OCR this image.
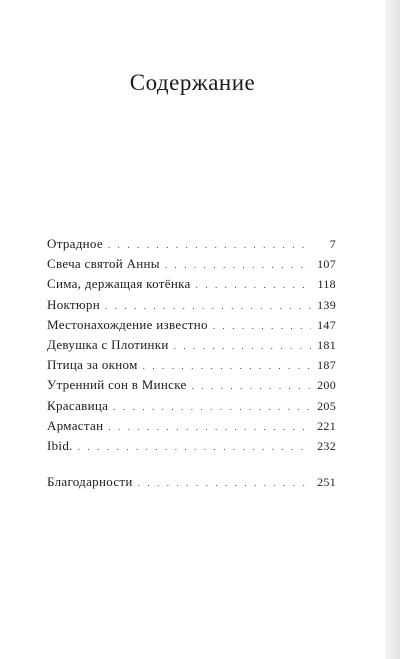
Содержание
Отрадное . . .	7
Свеча святой Анны . . .	107
Сима, держащая котёнка . . .	118
Ноктюрн . . .	139
Местонахождение известно . . .	147
Девушка с Плотинки . . .	181
Птица за окном . . .	187
Утренний сон в Минске . . .	200
Красавица . . .	205
Армастан . . .	221
Ibid. . . .	232
Благодарности . . .	251
